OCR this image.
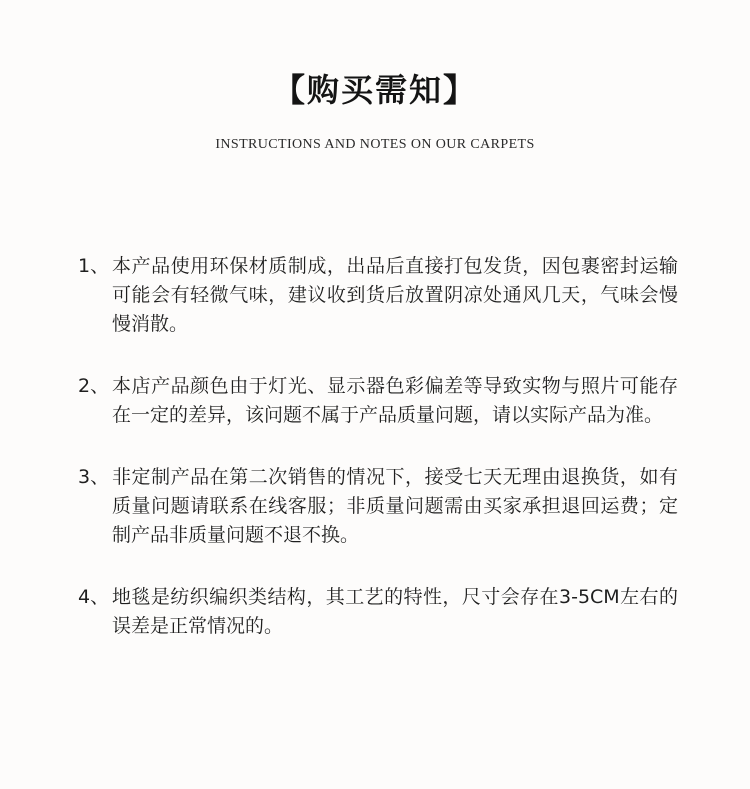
【购买需知】
INSTRUCTIONS AND NOTES ON OUR CARPETS
1、 本产品使用环保材质制成，出品后直接打包发货，因包裹密封运输可能会有轻微气味，建议收到货后放置阴凉处通风几天，气味会慢慢消散。
2、 本店产品颜色由于灯光、显示器色彩偏差等导致实物与照片可能存在一定的差异，该问题不属于产品质量问题，请以实际产品为准。
3、 非定制产品在第二次销售的情况下，接受七天无理由退换货，如有质量问题请联系在线客服；非质量问题需由买家承担退回运费；定制产品非质量问题不退不换。
4、 地毯是纺织编织类结构，其工艺的特性，尺寸会存在3-5CM左右的误差是正常情况的。
